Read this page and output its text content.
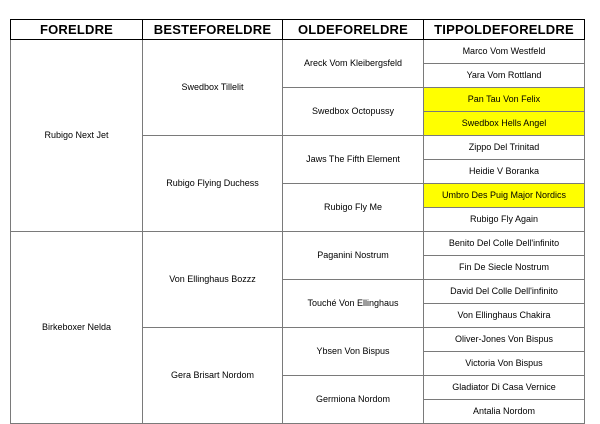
FORELDRE	BESTEFORELDRE	OLDEFORELDRE	TIPPOLDEFORELDRE
Rubigo Next Jet	Swedbox Tillelit	Areck Vom Kleibergsfeld	Marco Vom Westfeld
			Yara Vom Rottland
		Swedbox Octopussy	Pan Tau Von Felix
			Swedbox Hells Angel
	Rubigo Flying Duchess	Jaws The Fifth Element	Zippo Del Trinitad
			Heidie V Boranka
		Rubigo Fly Me	Umbro Des Puig Major Nordics
			Rubigo Fly Again
Birkeboxer Nelda	Von Ellinghaus Bozzz	Paganini Nostrum	Benito Del Colle Dell'infinito
			Fin De Siecle Nostrum
		Touché Von Ellinghaus	David Del Colle Dell'infinito
			Von Ellinghaus Chakira
	Gera Brisart Nordom	Ybsen Von Bispus	Oliver-Jones Von Bispus
			Victoria Von Bispus
		Germiona Nordom	Gladiator Di Casa Vernice
			Antalia Nordom
